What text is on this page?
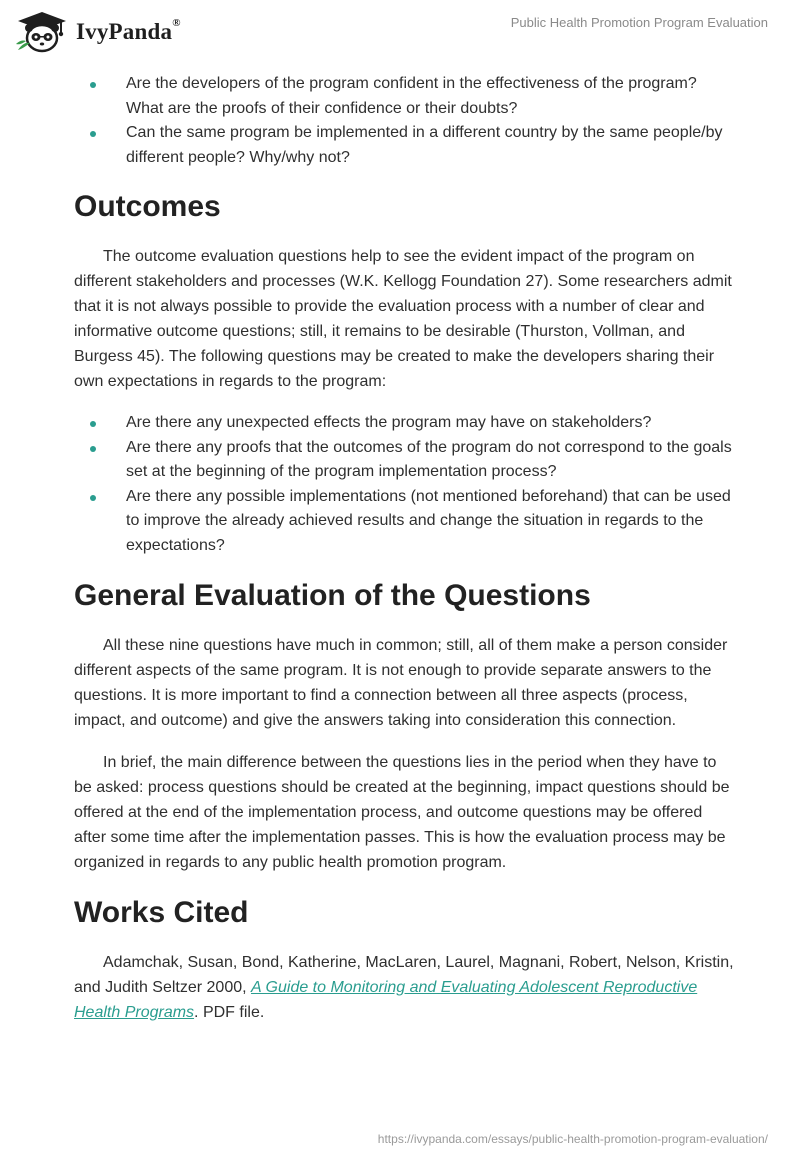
IvyPanda®	Public Health Promotion Program Evaluation
Are the developers of the program confident in the effectiveness of the program? What are the proofs of their confidence or their doubts?
Can the same program be implemented in a different country by the same people/by different people? Why/why not?
Outcomes

The outcome evaluation questions help to see the evident impact of the program on different stakeholders and processes (W.K. Kellogg Foundation 27). Some researchers admit that it is not always possible to provide the evaluation process with a number of clear and informative outcome questions; still, it remains to be desirable (Thurston, Vollman, and Burgess 45). The following questions may be created to make the developers sharing their own expectations in regards to the program:

Are there any unexpected effects the program may have on stakeholders?
Are there any proofs that the outcomes of the program do not correspond to the goals set at the beginning of the program implementation process?
Are there any possible implementations (not mentioned beforehand) that can be used to improve the already achieved results and change the situation in regards to the expectations?
General Evaluation of the Questions

All these nine questions have much in common; still, all of them make a person consider different aspects of the same program. It is not enough to provide separate answers to the questions. It is more important to find a connection between all three aspects (process, impact, and outcome) and give the answers taking into consideration this connection.

In brief, the main difference between the questions lies in the period when they have to be asked: process questions should be created at the beginning, impact questions should be offered at the end of the implementation process, and outcome questions may be offered after some time after the implementation passes. This is how the evaluation process may be organized in regards to any public health promotion program.

Works Cited

Adamchak, Susan, Bond, Katherine, MacLaren, Laurel, Magnani, Robert, Nelson, Kristin, and Judith Seltzer 2000, A Guide to Monitoring and Evaluating Adolescent Reproductive Health Programs. PDF file.

https://ivypanda.com/essays/public-health-promotion-program-evaluation/
